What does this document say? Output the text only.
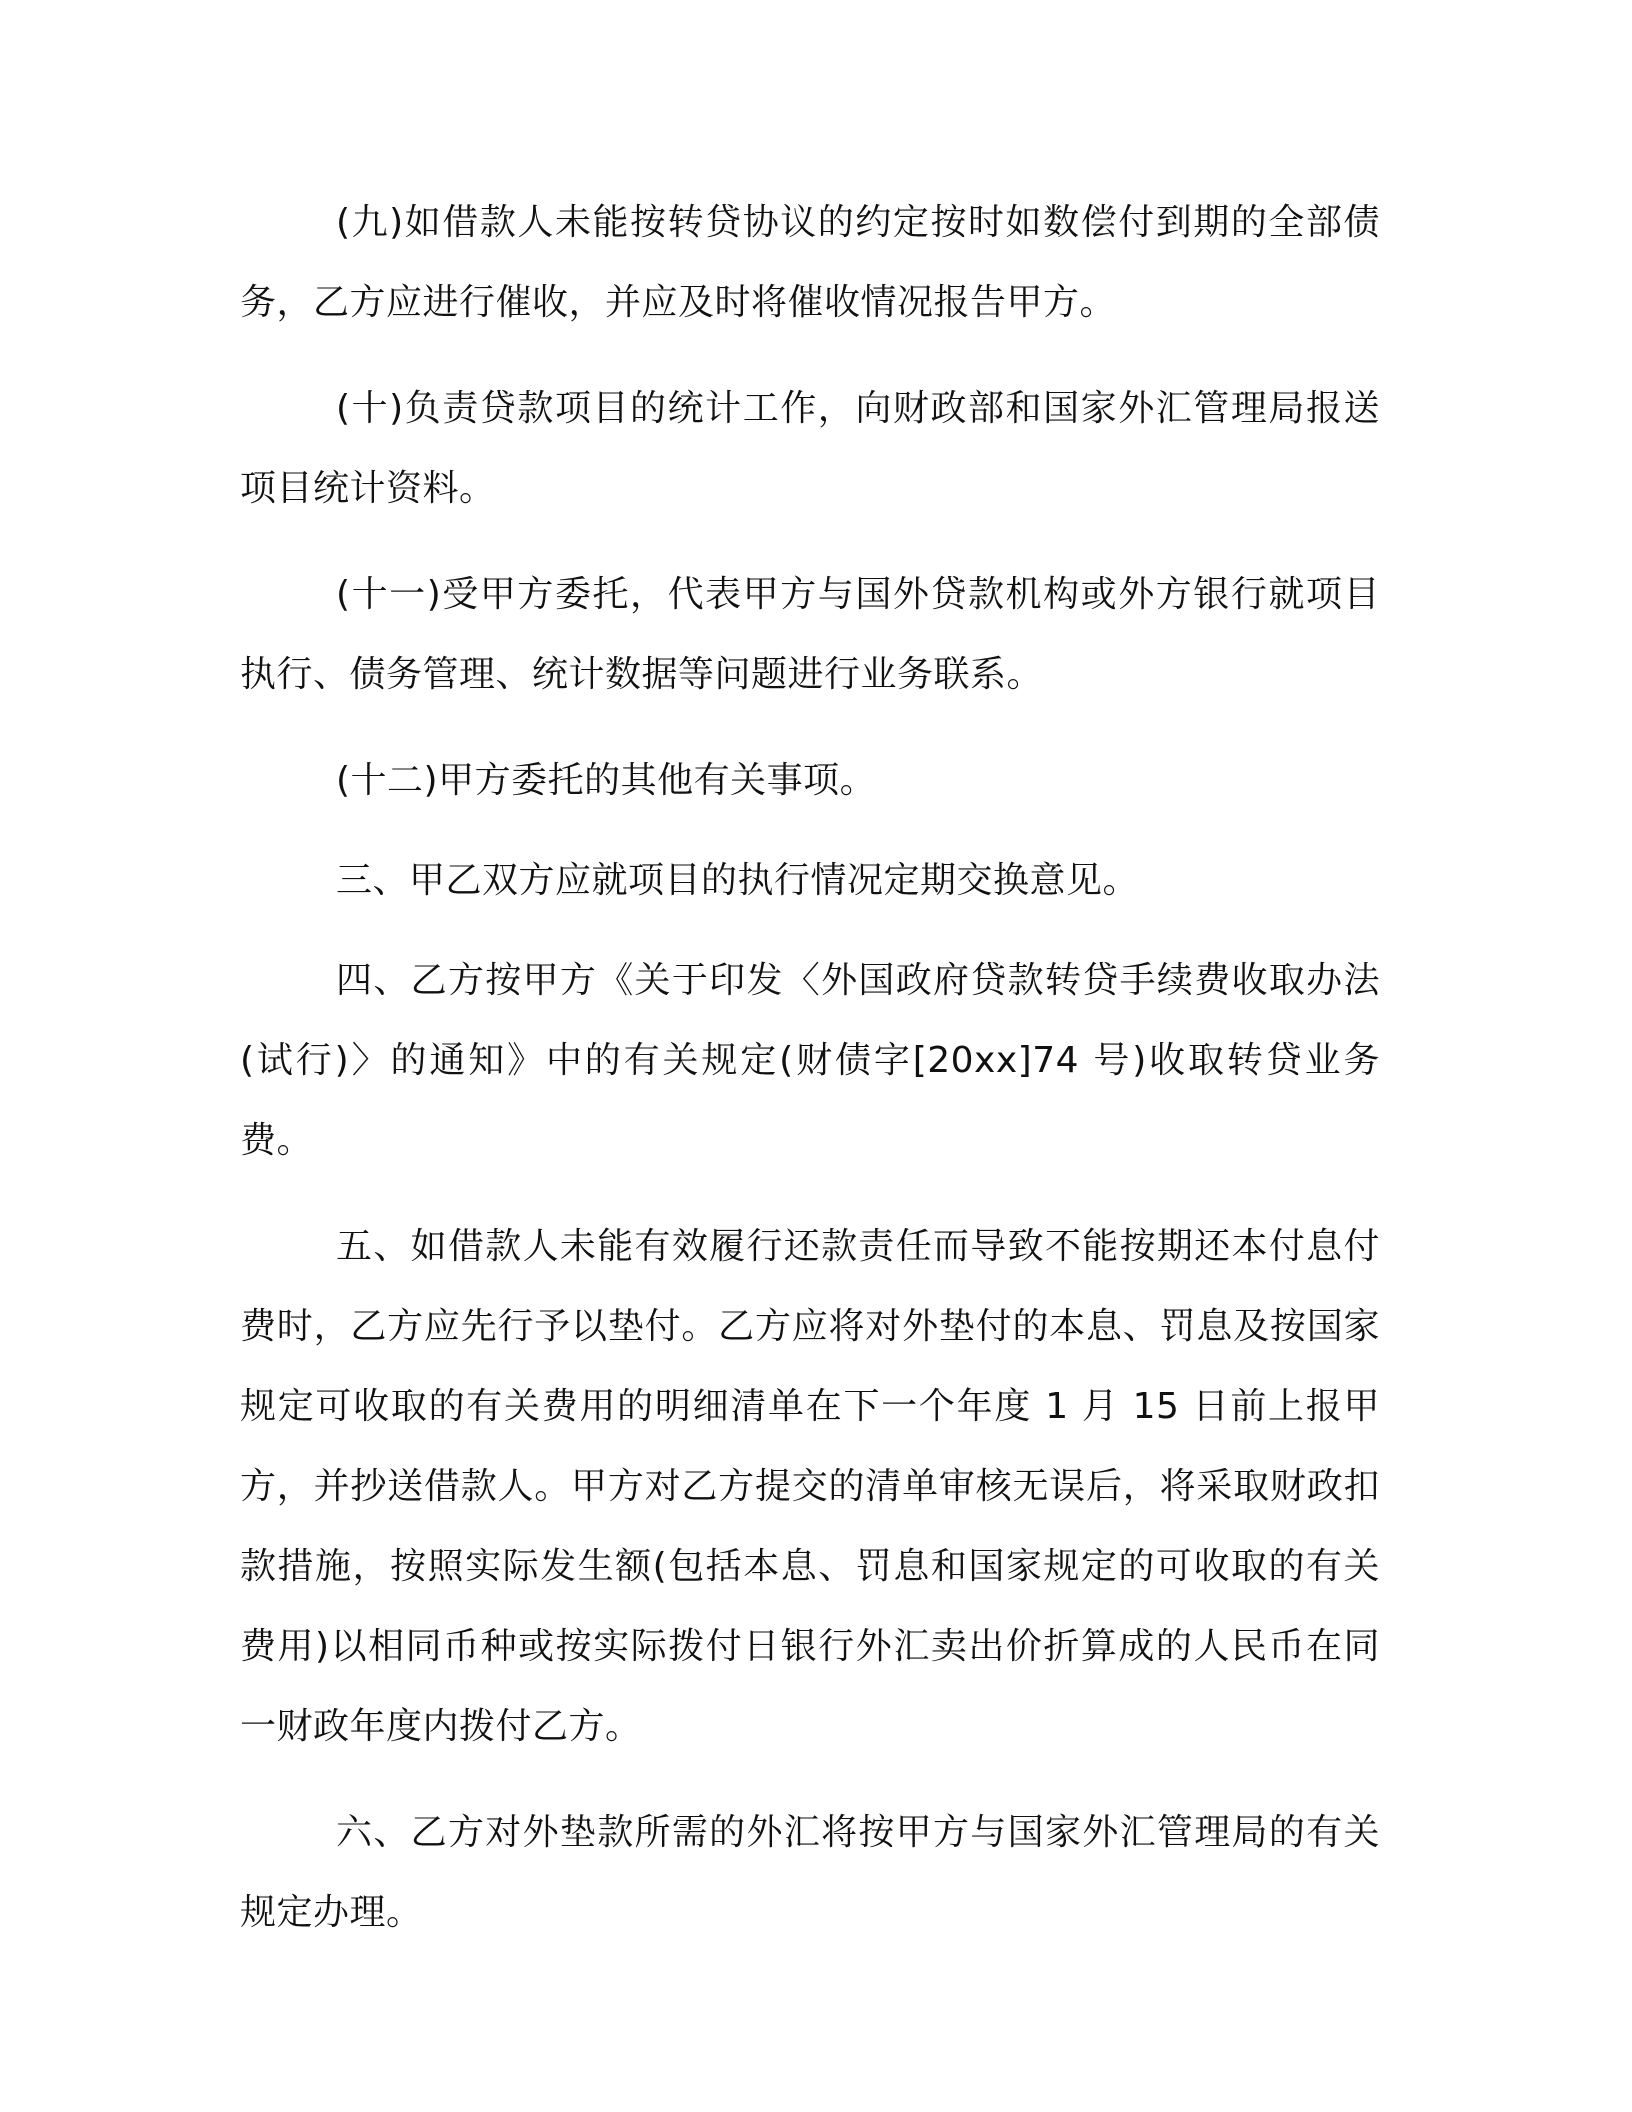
(九)如借款人未能按转贷协议的约定按时如数偿付到期的全部债务，乙方应进行催收，并应及时将催收情况报告甲方。

(十)负责贷款项目的统计工作，向财政部和国家外汇管理局报送项目统计资料。

(十一)受甲方委托，代表甲方与国外贷款机构或外方银行就项目执行、债务管理、统计数据等问题进行业务联系。

(十二)甲方委托的其他有关事项。

三、甲乙双方应就项目的执行情况定期交换意见。

四、乙方按甲方《关于印发〈外国政府贷款转贷手续费收取办法(试行)〉的通知》中的有关规定(财债字[20xx]74 号)收取转贷业务费。

五、如借款人未能有效履行还款责任而导致不能按期还本付息付费时，乙方应先行予以垫付。乙方应将对外垫付的本息、罚息及按国家规定可收取的有关费用的明细清单在下一个年度 1 月 15 日前上报甲方，并抄送借款人。甲方对乙方提交的清单审核无误后，将采取财政扣款措施，按照实际发生额(包括本息、罚息和国家规定的可收取的有关费用)以相同币种或按实际拨付日银行外汇卖出价折算成的人民币在同一财政年度内拨付乙方。

六、乙方对外垫款所需的外汇将按甲方与国家外汇管理局的有关规定办理。
